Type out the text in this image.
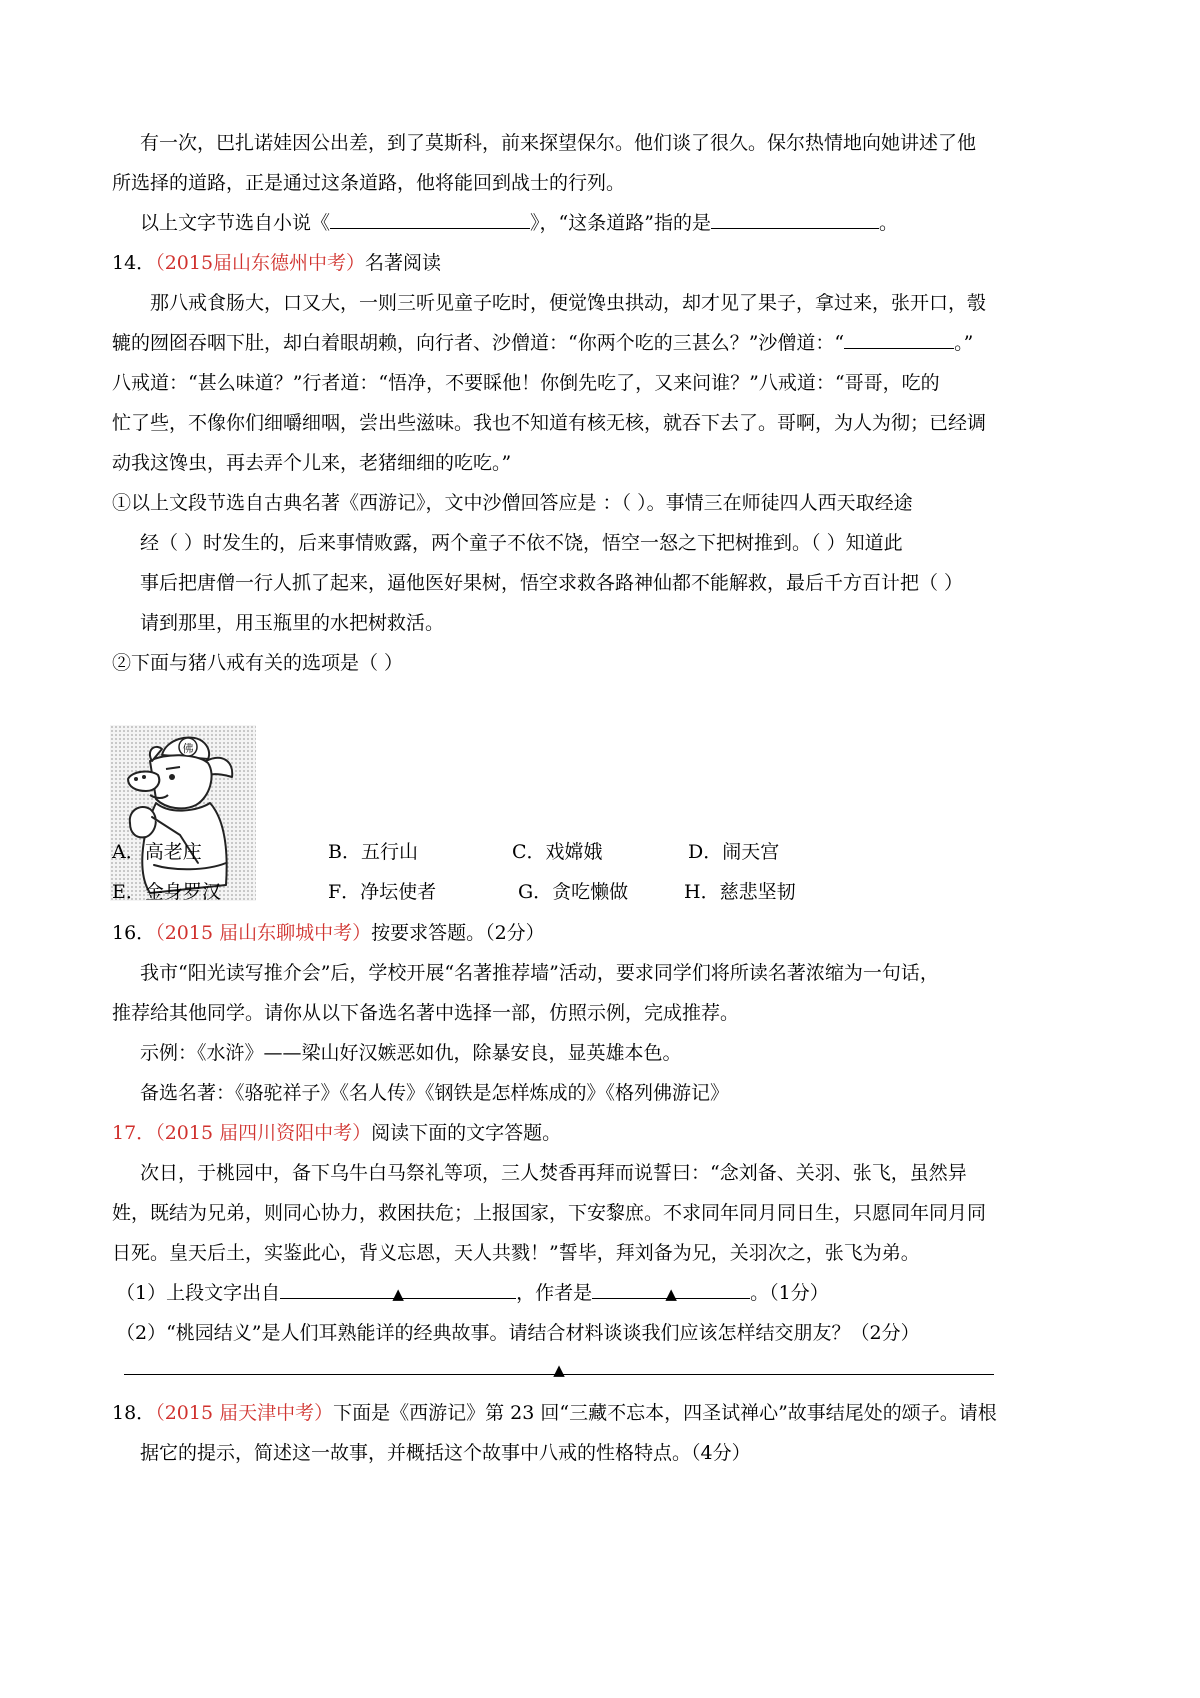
有一次，巴扎诺娃因公出差，到了莫斯科，前来探望保尔。他们谈了很久。保尔热情地向她讲述了他
所选择的道路，正是通过这条道路，他将能回到战士的行列。
以上文字节选自小说《	》，“这条道路”指的是	。
14．（2015届山东德州中考）名著阅读
那八戒食肠大，口又大，一则三听见童子吃时，便觉馋虫拱动，却才见了果子，拿过来，张开口，彀
辘的囫囵吞咽下肚，却白着眼胡赖，向行者、沙僧道：“你两个吃的三甚么？”沙僧道：“	。”
八戒道：“甚么味道？”行者道：“悟净，不要睬他！你倒先吃了，又来问谁？”八戒道：“哥哥，吃的
忙了些，不像你们细嚼细咽，尝出些滋味。我也不知道有核无核，就吞下去了。哥啊，为人为彻；已经调
动我这馋虫，再去弄个儿来，老猪细细的吃吃。”
①以上文段节选自古典名著《西游记》，文中沙僧回答应是 ：（ ）。事情三在师徒四人西天取经途
经（ ）时发生的，后来事情败露，两个童子不依不饶，悟空一怒之下把树推到。（ ）知道此
事后把唐僧一行人抓了起来，逼他医好果树，悟空求救各路神仙都不能解救，最后千方百计把（ ）
请到那里，用玉瓶里的水把树救活。
②下面与猪八戒有关的选项是（ ）
佛
A．高老庄	B．五行山	C．戏嫦娥	D．闹天宫
E．金身罗汉	F．净坛使者	G．贪吃懒做	H．慈悲坚韧
16．（2015 届山东聊城中考）按要求答题。（2分）
我市“阳光读写推介会”后，学校开展“名著推荐墙”活动，要求同学们将所读名著浓缩为一句话，
推荐给其他同学。请你从以下备选名著中选择一部，仿照示例，完成推荐。
示例：《水浒》——梁山好汉嫉恶如仇，除暴安良，显英雄本色。
备选名著：《骆驼祥子》《名人传》《钢铁是怎样炼成的》《格列佛游记》
17．（2015 届四川资阳中考）阅读下面的文字答题。
次日，于桃园中，备下乌牛白马祭礼等项，三人焚香再拜而说誓曰：“念刘备、关羽、张飞，虽然异
姓，既结为兄弟，则同心协力，救困扶危；上报国家，下安黎庶。不求同年同月同日生，只愿同年同月同
日死。皇天后土，实鉴此心，背义忘恩，天人共戮！”誓毕，拜刘备为兄，关羽次之，张飞为弟。
（1）上段文字出自	▲	，作者是	▲	。（1分）
（2）“桃园结义”是人们耳熟能详的经典故事。请结合材料谈谈我们应该怎样结交朋友？（2分）
▲
18．（2015 届天津中考）下面是《西游记》第 23 回“三藏不忘本，四圣试禅心”故事结尾处的颂子。请根
据它的提示，简述这一故事，并概括这个故事中八戒的性格特点。（4分）
